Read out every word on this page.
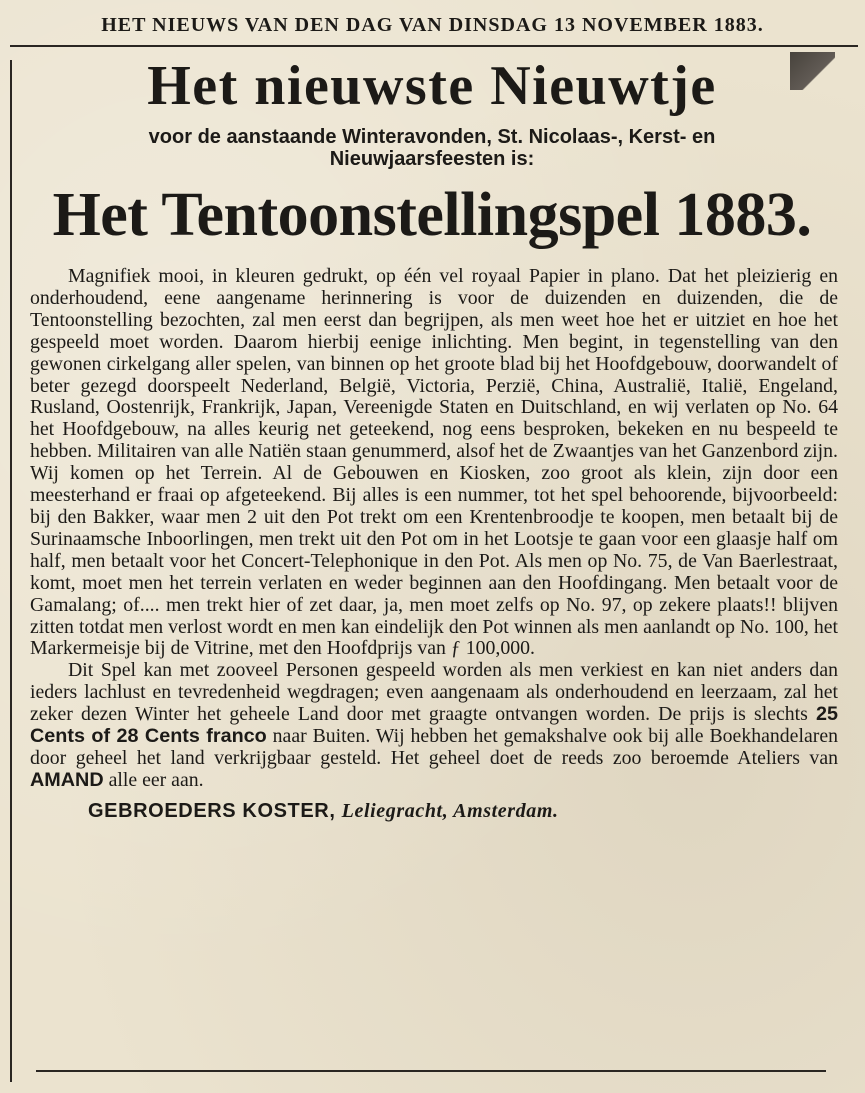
HET NIEUWS VAN DEN DAG VAN DINSDAG 13 NOVEMBER 1883.
Het nieuwste Nieuwtje
voor de aanstaande Winteravonden, St. Nicolaas-, Kerst- en
Nieuwjaarsfeesten is:
Het Tentoonstellingspel 1883.

Magnifiek mooi, in kleuren gedrukt, op één vel royaal Papier in plano. Dat het pleizierig en onderhoudend, eene aangename herinnering is voor de duizenden en duizenden, die de Tentoonstelling bezochten, zal men eerst dan begrijpen, als men weet hoe het er uitziet en hoe het gespeeld moet worden. Daarom hierbij eenige inlichting. Men begint, in tegenstelling van den gewonen cirkelgang aller spelen, van binnen op het groote blad bij het Hoofdgebouw, doorwandelt of beter gezegd doorspeelt Nederland, België, Victoria, Perzië, China, Australië, Italië, Engeland, Rusland, Oostenrijk, Frankrijk, Japan, Vereenigde Staten en Duitschland, en wij verlaten op No. 64 het Hoofdgebouw, na alles keurig net geteekend, nog eens besproken, bekeken en nu bespeeld te hebben. Militairen van alle Natiën staan genummerd, alsof het de Zwaantjes van het Ganzenbord zijn. Wij komen op het Terrein. Al de Gebouwen en Kiosken, zoo groot als klein, zijn door een meesterhand er fraai op afgeteekend. Bij alles is een nummer, tot het spel behoorende, bijvoorbeeld: bij den Bakker, waar men 2 uit den Pot trekt om een Krentenbroodje te koopen, men betaalt bij de Surinaamsche Inboorlingen, men trekt uit den Pot om in het Lootsje te gaan voor een glaasje half om half, men betaalt voor het Concert-Telephonique in den Pot. Als men op No. 75, de Van Baerlestraat, komt, moet men het terrein verlaten en weder beginnen aan den Hoofdingang. Men betaalt voor de Gamalang; of.... men trekt hier of zet daar, ja, men moet zelfs op No. 97, op zekere plaats!! blijven zitten totdat men verlost wordt en men kan eindelijk den Pot winnen als men aanlandt op No. 100, het Markermeisje bij de Vitrine, met den Hoofdprijs van ƒ 100,000.

Dit Spel kan met zooveel Personen gespeeld worden als men verkiest en kan niet anders dan ieders lachlust en tevredenheid wegdragen; even aangenaam als onderhoudend en leerzaam, zal het zeker dezen Winter het geheele Land door met graagte ontvangen worden. De prijs is slechts 25 Cents of 28 Cents franco naar Buiten. Wij hebben het gemakshalve ook bij alle Boekhandelaren door geheel het land verkrijgbaar gesteld. Het geheel doet de reeds zoo beroemde Ateliers van AMAND alle eer aan.

GEBROEDERS KOSTER, Leliegracht, Amsterdam.
